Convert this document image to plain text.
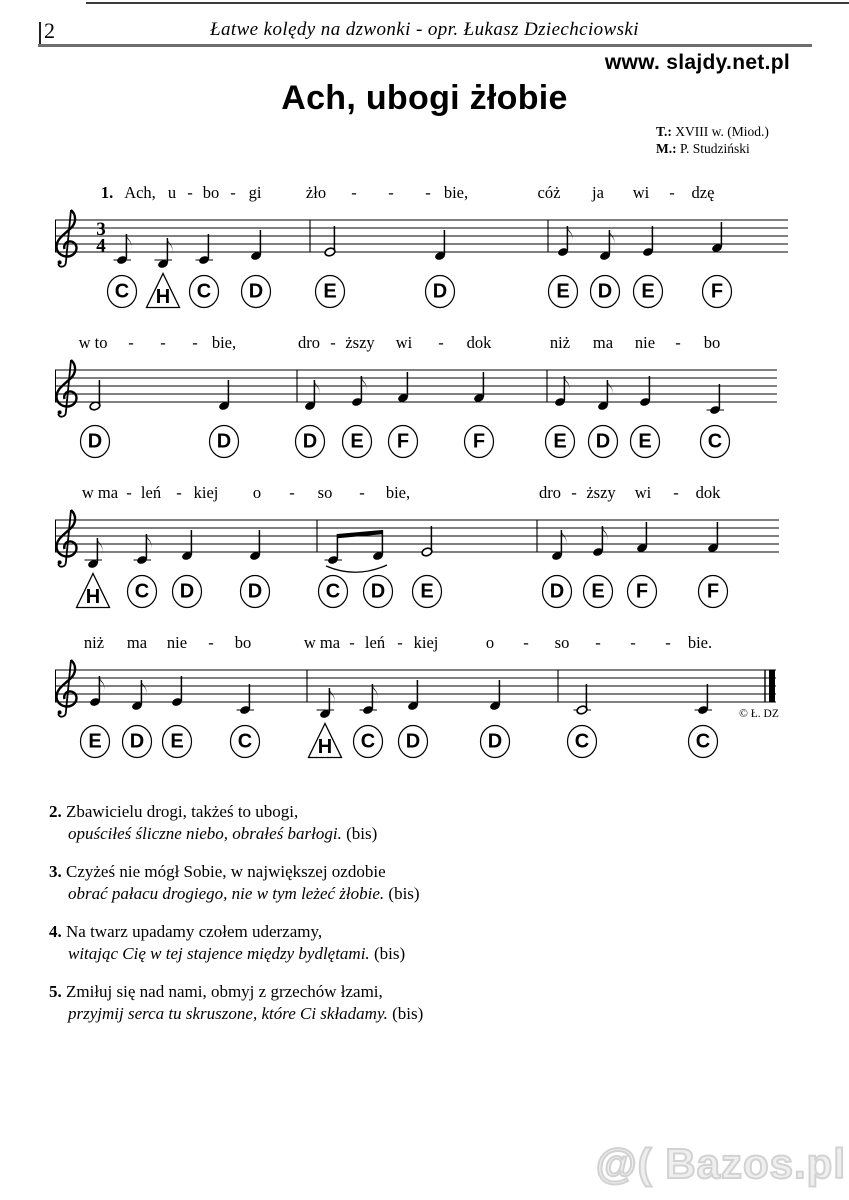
2	Łatwe kolędy na dzwonki - opr. Łukasz Dziechciowski
www. slajdy.net.pl
Ach, ubogi żłobie
T.: XVIII w. (Miod.)
M.: P. Studziński
3
4
1. Ach, u - bo - gi	żło - - - bie,	cóż ja wi - dzę
C H C D	E	D	E D E	F
w to - - - bie,	dro - ższy wi - dok	niż ma nie - bo
D	D	D E F	F	E D E	C
w ma - leń - kiej o - so - bie,	dro - ższy wi - dok
H C D	D	C D E	D E F	F
niż ma nie - bo	w ma - leń - kiej	o - so - - - bie.
E D E	C	H C D	D	C	C
© Ł. DZ
2. Zbawicielu drogi, takżeś to ubogi,
opuściłeś śliczne niebo, obrałeś barłogi. (bis)
3. Czyżeś nie mógł Sobie, w największej ozdobie
obrać pałacu drogiego, nie w tym leżeć żłobie. (bis)
4. Na twarz upadamy czołem uderzamy,
witając Cię w tej stajence między bydlętami. (bis)
5. Zmiłuj się nad nami, obmyj z grzechów łzami,
przyjmij serca tu skruszone, które Ci składamy. (bis)
@( Bazos.pl
